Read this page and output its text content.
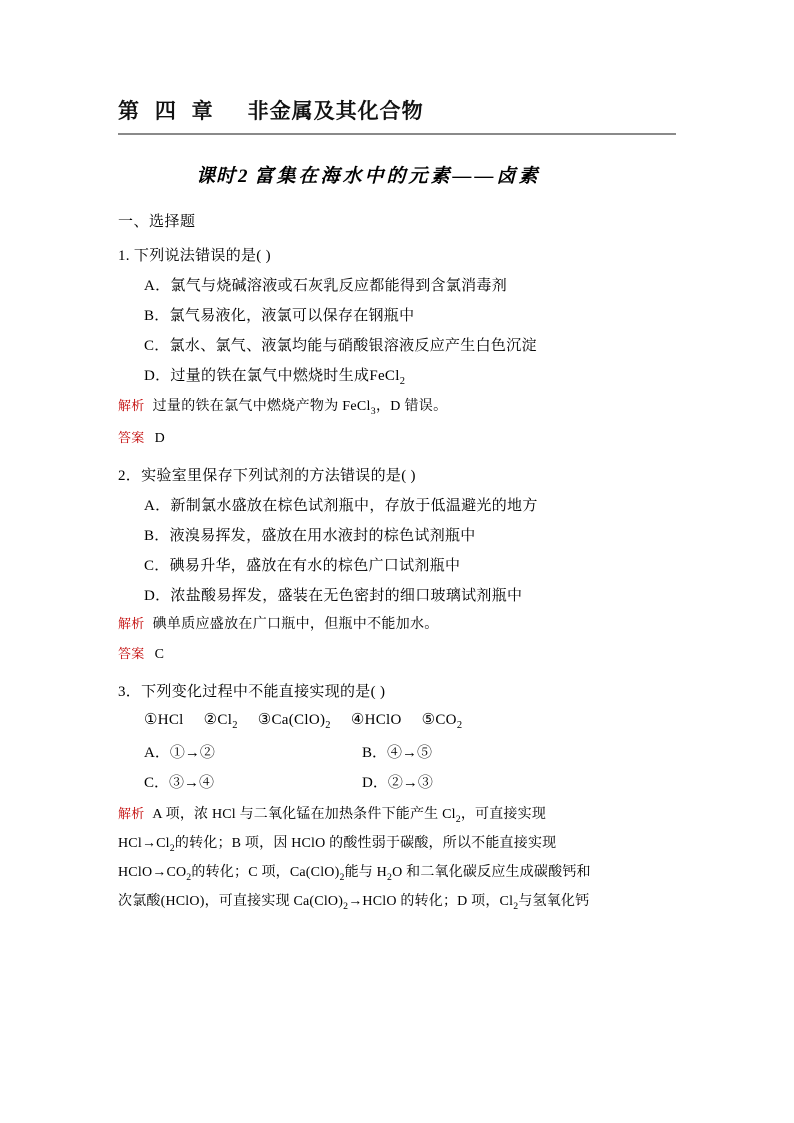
第 四 章 非金属及其化合物
课时 2 富集在海水中的元素——卤素
一、选择题
1. 下列说法错误的是( )
A．氯气与烧碱溶液或石灰乳反应都能得到含氯消毒剂
B．氯气易液化，液氯可以保存在钢瓶中
C．氯水、氯气、液氯均能与硝酸银溶液反应产生白色沉淀
D．过量的铁在氯气中燃烧时生成FeCl$_2$
解析 过量的铁在氯气中燃烧产物为 FeCl$_3$，D 错误。
答案 D
2．实验室里保存下列试剂的方法错误的是( )
A．新制氯水盛放在棕色试剂瓶中，存放于低温避光的地方
B．液溴易挥发，盛放在用水液封的棕色试剂瓶中
C．碘易升华，盛放在有水的棕色广口试剂瓶中
D．浓盐酸易挥发，盛装在无色密封的细口玻璃试剂瓶中
解析 碘单质应盛放在广口瓶中，但瓶中不能加水。
答案 C
3．下列变化过程中不能直接实现的是( )
①HCl $②Cl_2$ $③Ca(ClO)_2$ ④HClO $⑤CO_2$
A．①→②	B．④→⑤
C．③→④	D．②→③
解析 A 项，浓 HCl 与二氧化锰在加热条件下能产生 $Cl_2$，可直接实现
$HCl\to Cl_2$的转化；B 项，因 HClO 的酸性弱于碳酸，所以不能直接实现
$HClO\to CO_2$的转化；C 项，$Ca(ClO)_2$能与 $H_2O$ 和二氧化碳反应生成碳酸钙和
次氯酸(HClO)，可直接实现 $Ca(ClO)_2\to HClO$ 的转化；D 项，$Cl_2$与氢氧化钙
